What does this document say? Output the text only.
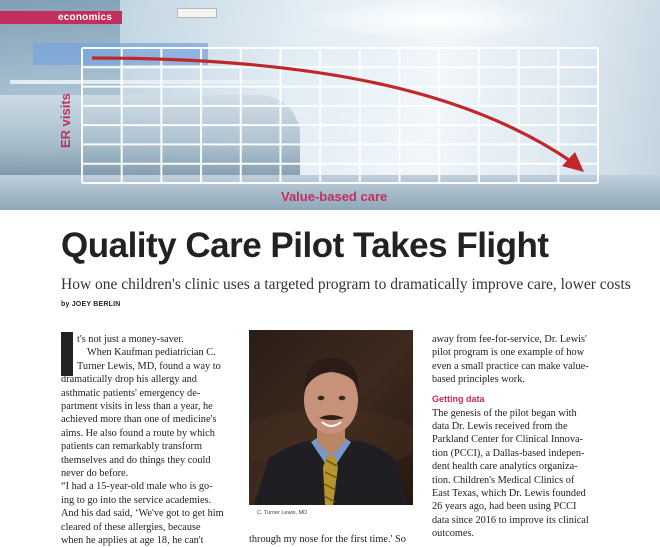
ER visits
Value-based care
economics
Quality Care Pilot Takes Flight
How one children's clinic uses a targeted program to dramatically improve care, lower costs
by JOEY BERLIN
t's not just a money-saver.
When Kaufman pediatrician C.
Turner Lewis, MD, found a way to
dramatically drop his allergy and
asthmatic patients' emergency de-
partment visits in less than a year, he
achieved more than one of medicine's
aims. He also found a route by which
patients can remarkably transform
themselves and do things they could
never do before.
“I had a 15-year-old male who is go-
ing to go into the service academies.
And his dad said, ‘We've got to get him
cleared of these allergies, because
when he applies at age 18, he can't
C. Turner Lewis, MD
through my nose for the first time.' So
away from fee-for-service, Dr. Lewis'
pilot program is one example of how
even a small practice can make value-
based principles work.
Getting data
The genesis of the pilot began with
data Dr. Lewis received from the
Parkland Center for Clinical Innova-
tion (PCCI), a Dallas-based indepen-
dent health care analytics organiza-
tion. Children's Medical Clinics of
East Texas, which Dr. Lewis founded
26 years ago, had been using PCCI
data since 2016 to improve its clinical
outcomes.
